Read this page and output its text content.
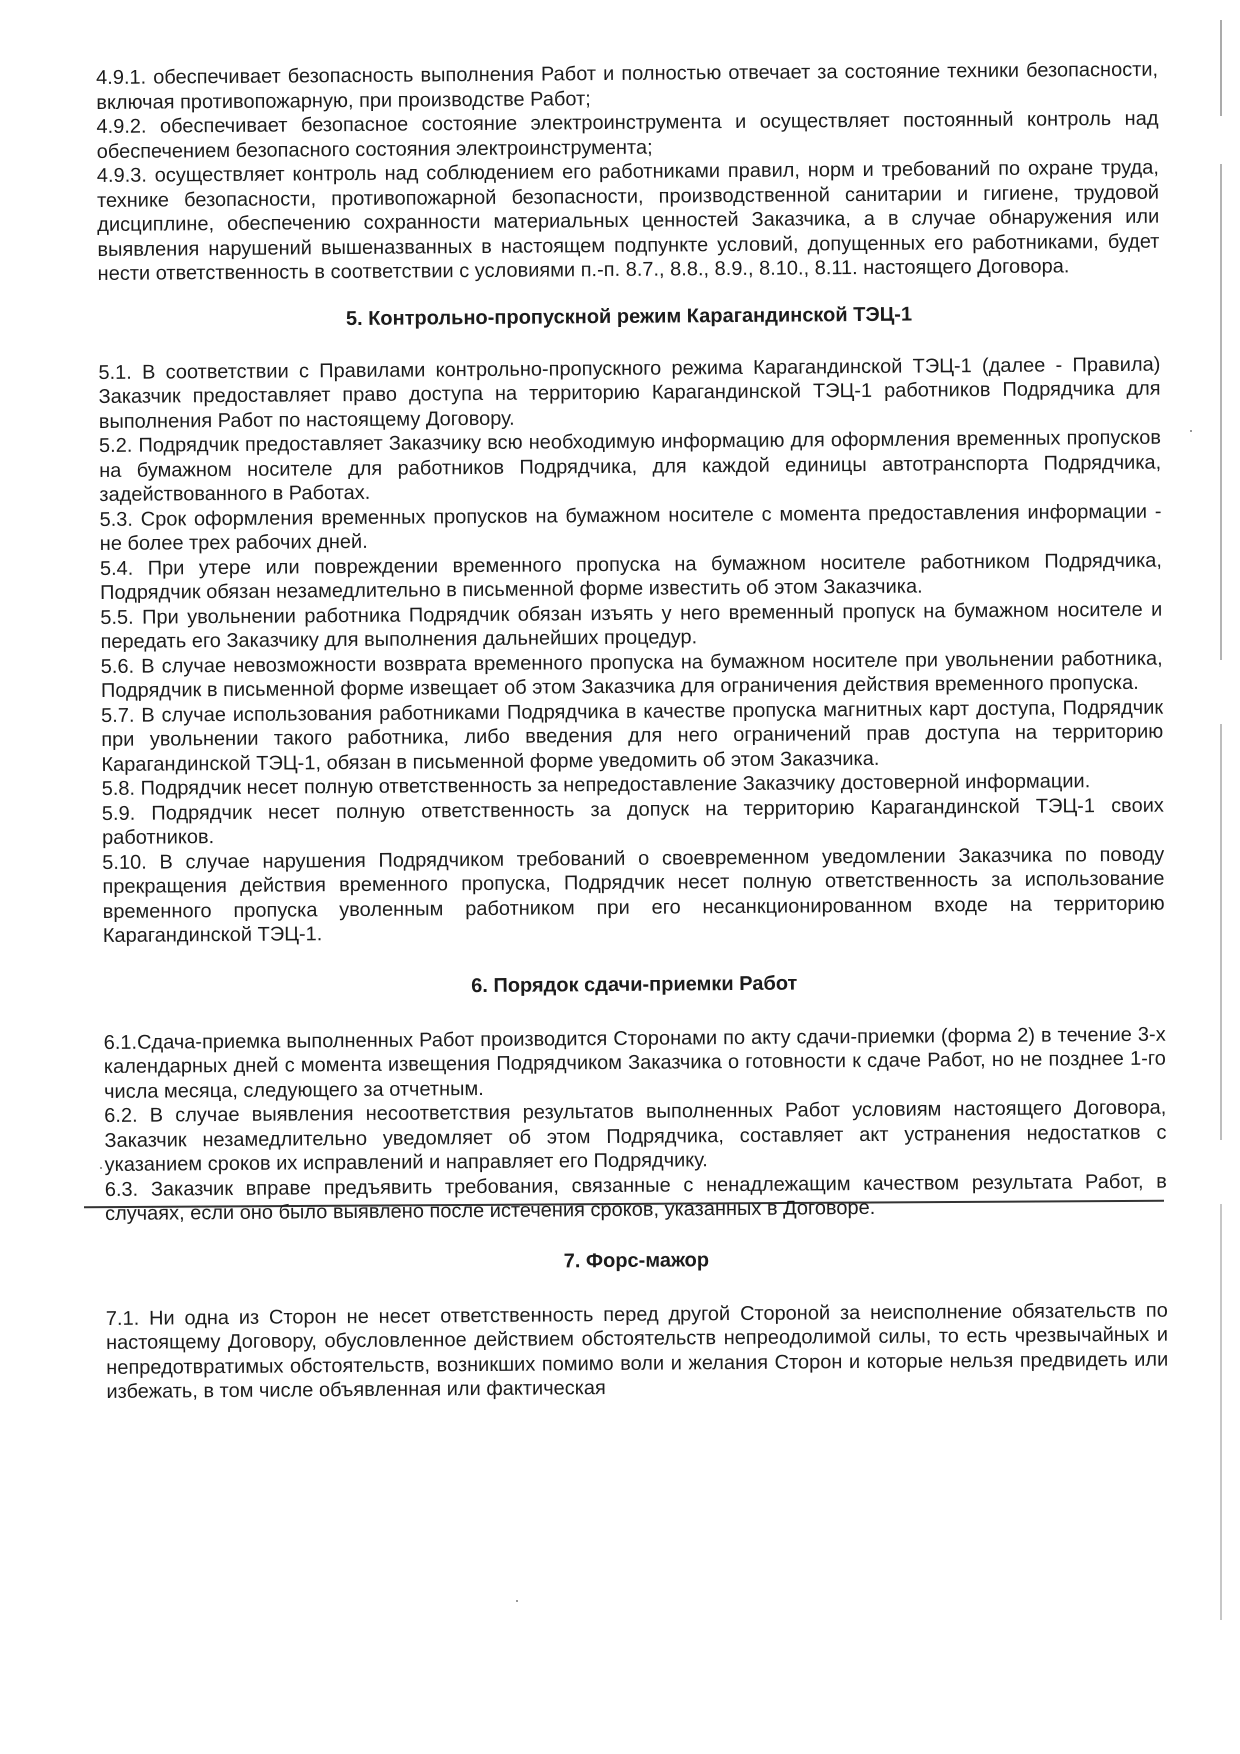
4.9.1. обеспечивает безопасность выполнения Работ и полностью отвечает за состояние техники безопасности, включая противопожарную, при производстве Работ;

4.9.2. обеспечивает безопасное состояние электроинструмента и осуществляет постоянный контроль над обеспечением безопасного состояния электроинструмента;

4.9.3. осуществляет контроль над соблюдением его работниками правил, норм и требований по охране труда, технике безопасности, противопожарной безопасности, производственной санитарии и гигиене, трудовой дисциплине, обеспечению сохранности материальных ценностей Заказчика, а в случае обнаружения или выявления нарушений вышеназванных в настоящем подпункте условий, допущенных его работниками, будет нести ответственность в соответствии с условиями п.-п. 8.7., 8.8., 8.9., 8.10., 8.11. настоящего Договора.

5. Контрольно-пропускной режим Карагандинской ТЭЦ-1

5.1. В соответствии с Правилами контрольно-пропускного режима Карагандинской ТЭЦ-1 (далее - Правила) Заказчик предоставляет право доступа на территорию Карагандинской ТЭЦ-1 работников Подрядчика для выполнения Работ по настоящему Договору.

5.2. Подрядчик предоставляет Заказчику всю необходимую информацию для оформления временных пропусков на бумажном носителе для работников Подрядчика, для каждой единицы автотранспорта Подрядчика, задействованного в Работах.

5.3. Срок оформления временных пропусков на бумажном носителе с момента предоставления информации - не более трех рабочих дней.

5.4. При утере или повреждении временного пропуска на бумажном носителе работником Подрядчика, Подрядчик обязан незамедлительно в письменной форме известить об этом Заказчика.

5.5. При увольнении работника Подрядчик обязан изъять у него временный пропуск на бумажном носителе и передать его Заказчику для выполнения дальнейших процедур.

5.6. В случае невозможности возврата временного пропуска на бумажном носителе при увольнении работника, Подрядчик в письменной форме извещает об этом Заказчика для ограничения действия временного пропуска.

5.7. В случае использования работниками Подрядчика в качестве пропуска магнитных карт доступа, Подрядчик при увольнении такого работника, либо введения для него ограничений прав доступа на территорию Карагандинской ТЭЦ-1, обязан в письменной форме уведомить об этом Заказчика.

5.8. Подрядчик несет полную ответственность за непредоставление Заказчику достоверной информации.

5.9. Подрядчик несет полную ответственность за допуск на территорию Карагандинской ТЭЦ-1 своих работников.

5.10. В случае нарушения Подрядчиком требований о своевременном уведомлении Заказчика по поводу прекращения действия временного пропуска, Подрядчик несет полную ответственность за использование временного пропуска уволенным работником при его несанкционированном входе на территорию Карагандинской ТЭЦ-1.

6. Порядок сдачи-приемки Работ

6.1.Сдача-приемка выполненных Работ производится Сторонами по акту сдачи-приемки (форма 2) в течение 3-х календарных дней с момента извещения Подрядчиком Заказчика о готовности к сдаче Работ, но не позднее 1-го числа месяца, следующего за отчетным.

6.2. В случае выявления несоответствия результатов выполненных Работ условиям настоящего Договора, Заказчик незамедлительно уведомляет об этом Подрядчика, составляет акт устранения недостатков с указанием сроков их исправлений и направляет его Подрядчику.

6.3. Заказчик вправе предъявить требования, связанные с ненадлежащим качеством результата Работ, в случаях, если оно было выявлено после истечения сроков, указанных в Договоре.

7. Форс-мажор

7.1. Ни одна из Сторон не несет ответственность перед другой Стороной за неисполнение обязательств по настоящему Договору, обусловленное действием обстоятельств непреодолимой силы, то есть чрезвычайных и непредотвратимых обстоятельств, возникших помимо воли и желания Сторон и которые нельзя предвидеть или избежать, в том числе объявленная или фактическая
